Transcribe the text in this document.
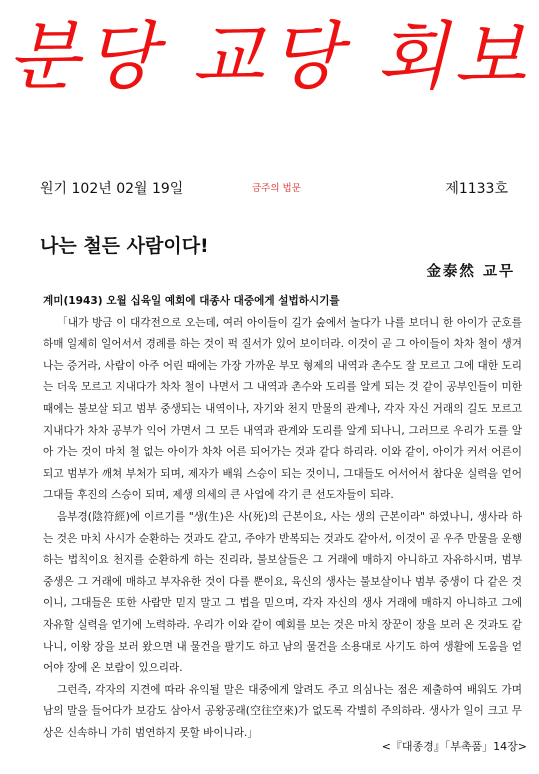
분당 교당 회보
원기 102년 02월 19일	금주의 법문	제1133호
나는 철든 사람이다!
金泰然 교무

계미(1943) 오월 십육일 예회에 대종사 대중에게 설법하시기를

「내가 방금 이 대각전으로 오는데, 여러 아이들이 길가 숲에서 놀다가 나를 보더니 한 아이가 군호를 하매 일제히 일어서서 경례를 하는 것이 퍽 질서가 있어 보이더라. 이것이 곧 그 아이들이 차차 철이 생겨나는 증거라, 사람이 아주 어린 때에는 가장 가까운 부모 형제의 내역과 촌수도 잘 모르고 그에 대한 도리는 더욱 모르고 지내다가 차차 철이 나면서 그 내역과 촌수와 도리를 알게 되는 것 같이 공부인들이 미한 때에는 불보살 되고 범부 중생되는 내역이나, 자기와 천지 만물의 관계나, 각자 자신 거래의 길도 모르고 지내다가 차차 공부가 익어 가면서 그 모든 내역과 관계와 도리를 알게 되나니, 그러므로 우리가 도를 알아 가는 것이 마치 철 없는 아이가 차차 어른 되어가는 것과 같다 하리라. 이와 같이, 아이가 커서 어른이 되고 범부가 깨쳐 부처가 되며, 제자가 배워 스승이 되는 것이니, 그대들도 어서어서 참다운 실력을 얻어 그대들 후진의 스승이 되며, 제생 의세의 큰 사업에 각기 큰 선도자들이 되라.

음부경(陰符經)에 이르기를 "생(生)은 사(死)의 근본이요, 사는 생의 근본이라" 하였나니, 생사라 하는 것은 마치 사시가 순환하는 것과도 같고, 주야가 반복되는 것과도 같아서, 이것이 곧 우주 만물을 운행하는 법칙이요 천지를 순환하게 하는 진리라, 불보살들은 그 거래에 매하지 아니하고 자유하시며, 범부 중생은 그 거래에 매하고 부자유한 것이 다를 뿐이요, 육신의 생사는 불보살이나 범부 중생이 다 같은 것이니, 그대들은 또한 사람만 믿지 말고 그 법을 믿으며, 각자 자신의 생사 거래에 매하지 아니하고 그에 자유할 실력을 얻기에 노력하라. 우리가 이와 같이 예회를 보는 것은 마치 장꾼이 장을 보러 온 것과도 같나니, 이왕 장을 보러 왔으면 내 물건을 팔기도 하고 남의 물건을 소용대로 사기도 하여 생활에 도움을 얻어야 장에 온 보람이 있으리라.

그런즉, 각자의 지견에 따라 유익될 말은 대중에게 알려도 주고 의심나는 점은 제출하여 배워도 가며 남의 말을 들어다가 보감도 삼아서 공왕공래(空往空來)가 없도록 각별히 주의하라. 생사가 일이 크고 무상은 신속하니 가히 범연하지 못할 바이니라.」

<『대종경』「부촉품」14장>
